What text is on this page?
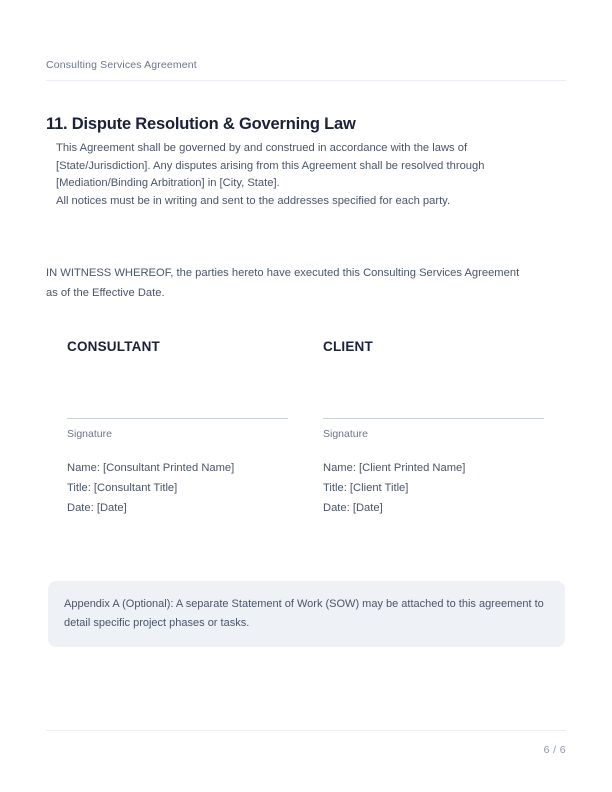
Consulting Services Agreement
11. Dispute Resolution & Governing Law

This Agreement shall be governed by and construed in accordance with the laws of [State/Jurisdiction]. Any disputes arising from this Agreement shall be resolved through [Mediation/Binding Arbitration] in [City, State].

All notices must be in writing and sent to the addresses specified for each party.

IN WITNESS WHEREOF, the parties hereto have executed this Consulting Services Agreement as of the Effective Date.

CONSULTANT
Signature
Name: [Consultant Printed Name]
Title: [Consultant Title]
Date: [Date]
CLIENT
Signature
Name: [Client Printed Name]
Title: [Client Title]
Date: [Date]

Appendix A (Optional): A separate Statement of Work (SOW) may be attached to this agreement to detail specific project phases or tasks.

6 / 6
